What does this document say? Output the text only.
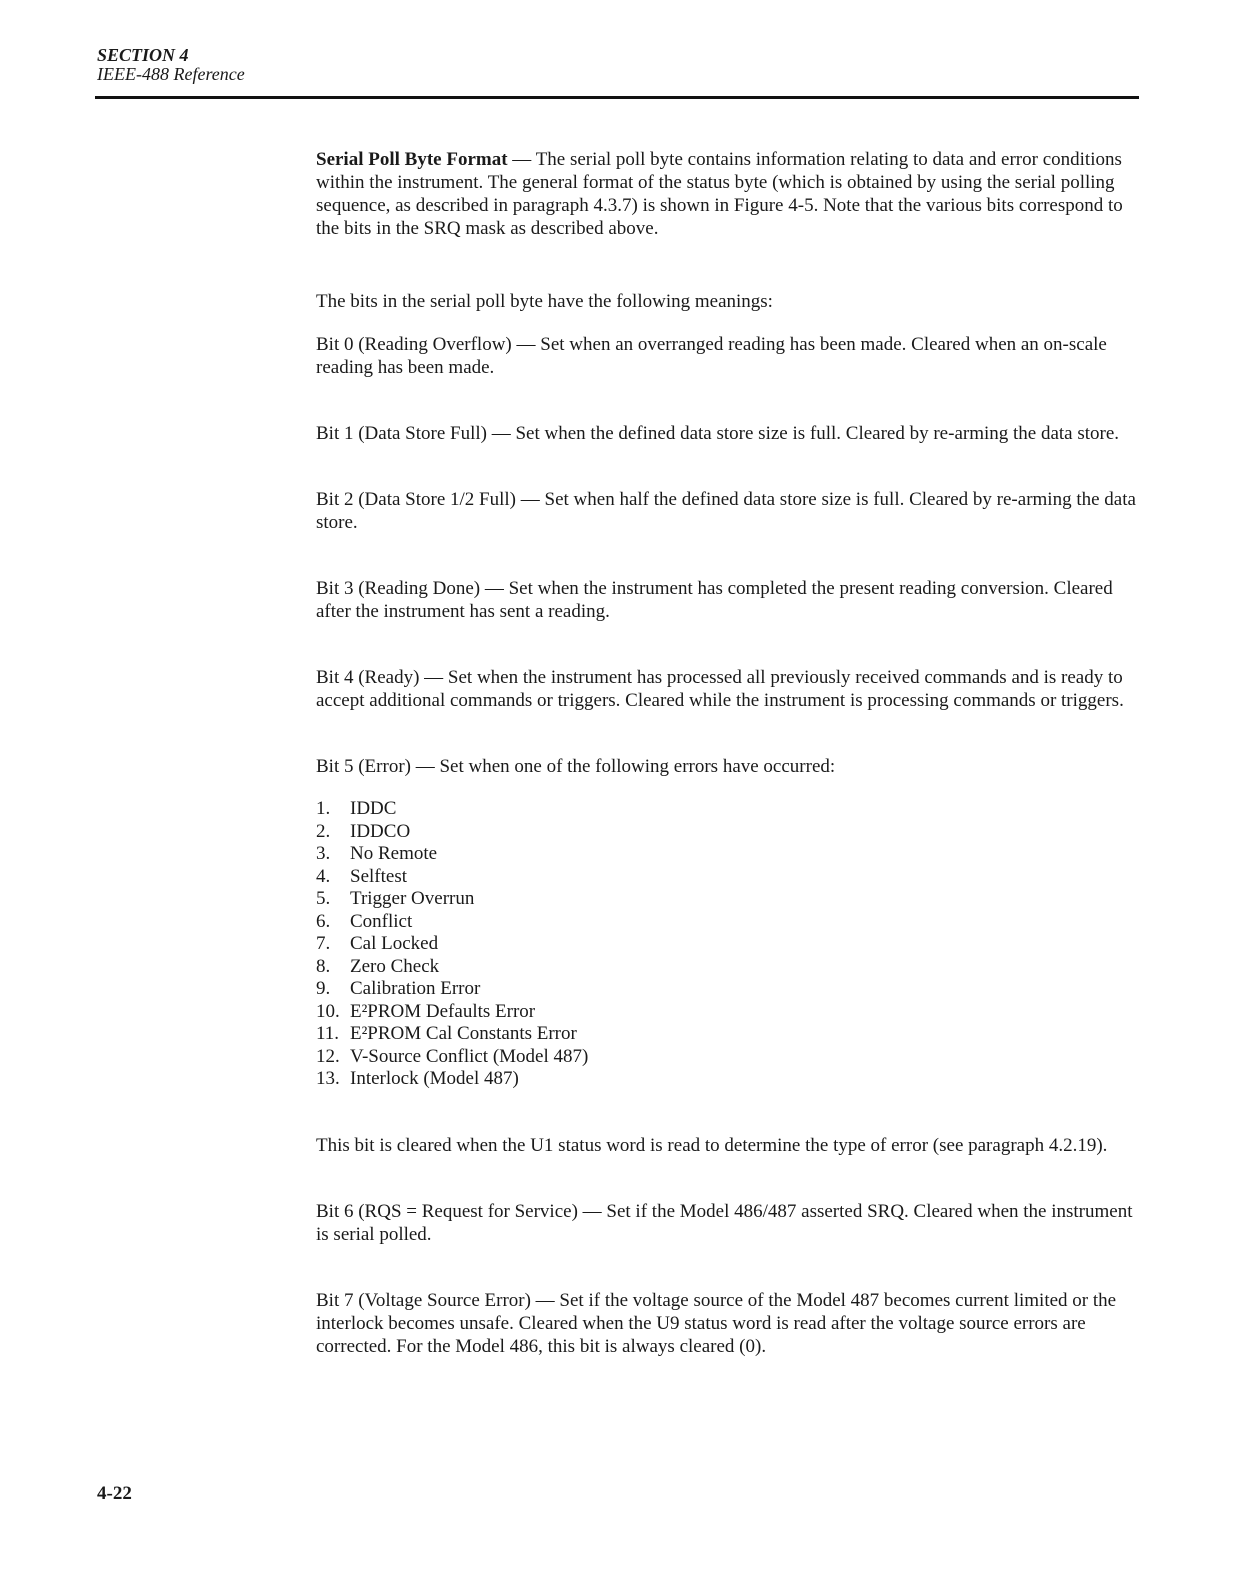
SECTION 4
IEEE-488 Reference

Serial Poll Byte Format — The serial poll byte contains information relating to data and error conditions within the instrument. The general format of the status byte (which is obtained by using the serial polling sequence, as described in paragraph 4.3.7) is shown in Figure 4-5. Note that the various bits correspond to the bits in the SRQ mask as described above.

The bits in the serial poll byte have the following meanings:

Bit 0 (Reading Overflow) — Set when an overranged reading has been made. Cleared when an on-scale reading has been made.

Bit 1 (Data Store Full) — Set when the defined data store size is full. Cleared by re-arming the data store.

Bit 2 (Data Store 1/2 Full) — Set when half the defined data store size is full. Cleared by re-arming the data store.

Bit 3 (Reading Done) — Set when the instrument has completed the present reading conversion. Cleared after the instrument has sent a reading.

Bit 4 (Ready) — Set when the instrument has processed all previously received commands and is ready to accept additional commands or triggers. Cleared while the instrument is processing commands or triggers.

Bit 5 (Error) — Set when one of the following errors have occurred:

1.	IDDC
2.	IDDCO
3.	No Remote
4.	Selftest
5.	Trigger Overrun
6.	Conflict
7.	Cal Locked
8.	Zero Check
9.	Calibration Error
10. E²PROM Defaults Error
11. E²PROM Cal Constants Error
12. V-Source Conflict (Model 487)
13. Interlock (Model 487)

This bit is cleared when the U1 status word is read to determine the type of error (see paragraph 4.2.19).

Bit 6 (RQS = Request for Service) — Set if the Model 486/487 asserted SRQ. Cleared when the instrument is serial polled.

Bit 7 (Voltage Source Error) — Set if the voltage source of the Model 487 becomes current limited or the interlock becomes unsafe. Cleared when the U9 status word is read after the voltage source errors are corrected. For the Model 486, this bit is always cleared (0).

4-22
